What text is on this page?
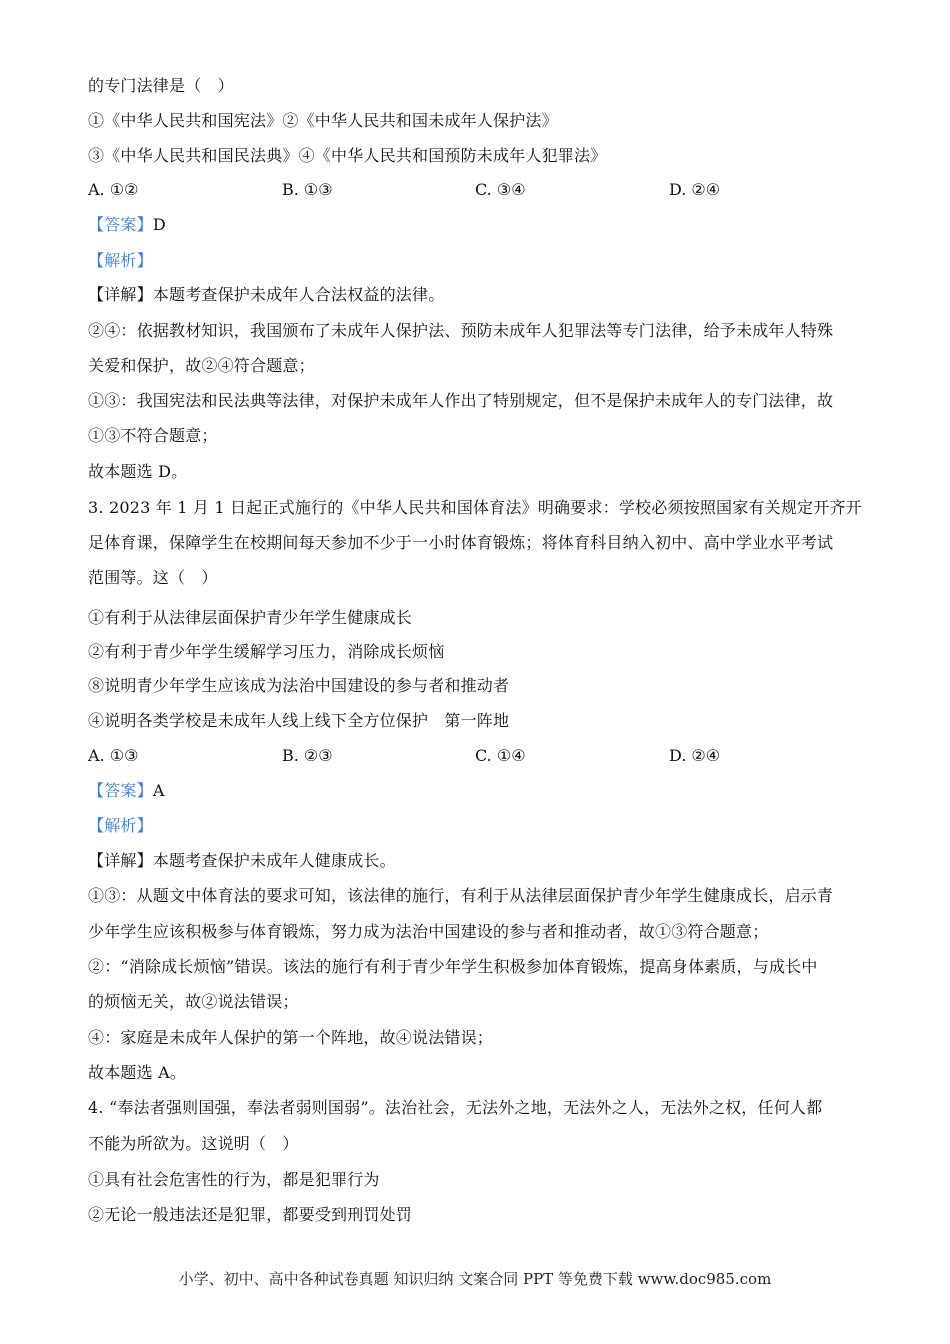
的专门法律是（　）
①《中华人民共和国宪法》②《中华人民共和国未成年人保护法》
③《中华人民共和国民法典》④《中华人民共和国预防未成年人犯罪法》
A. ①②	B. ①③	C. ③④	D. ②④
【答案】D
【解析】
【详解】本题考查保护未成年人合法权益的法律。
②④：依据教材知识，我国颁布了未成年人保护法、预防未成年人犯罪法等专门法律，给予未成年人特殊
关爱和保护，故②④符合题意；
①③：我国宪法和民法典等法律，对保护未成年人作出了特别规定，但不是保护未成年人的专门法律，故
①③不符合题意；
故本题选 D。
3. 2023 年 1 月 1 日起正式施行的《中华人民共和国体育法》明确要求：学校必须按照国家有关规定开齐开
足体育课，保障学生在校期间每天参加不少于一小时体育锻炼；将体育科目纳入初中、高中学业水平考试
范围等。这（　）
①有利于从法律层面保护青少年学生健康成长
②有利于青少年学生缓解学习压力，消除成长烦恼
⑧说明青少年学生应该成为法治中国建设的参与者和推动者
④说明各类学校是未成年人线上线下全方位保护　第一阵地
A. ①③	B. ②③	C. ①④	D. ②④
【答案】A
【解析】
【详解】本题考查保护未成年人健康成长。
①③：从题文中体育法的要求可知，该法律的施行，有利于从法律层面保护青少年学生健康成长，启示青
少年学生应该积极参与体育锻炼，努力成为法治中国建设的参与者和推动者，故①③符合题意；
②：“消除成长烦恼”错误。该法的施行有利于青少年学生积极参加体育锻炼，提高身体素质，与成长中
的烦恼无关，故②说法错误；
④：家庭是未成年人保护的第一个阵地，故④说法错误；
故本题选 A。
4. “奉法者强则国强，奉法者弱则国弱”。法治社会，无法外之地，无法外之人，无法外之权，任何人都
不能为所欲为。这说明（　）
①具有社会危害性的行为，都是犯罪行为
②无论一般违法还是犯罪，都要受到刑罚处罚
小学、初中、高中各种试卷真题 知识归纳 文案合同 PPT 等免费下载 www.doc985.com
